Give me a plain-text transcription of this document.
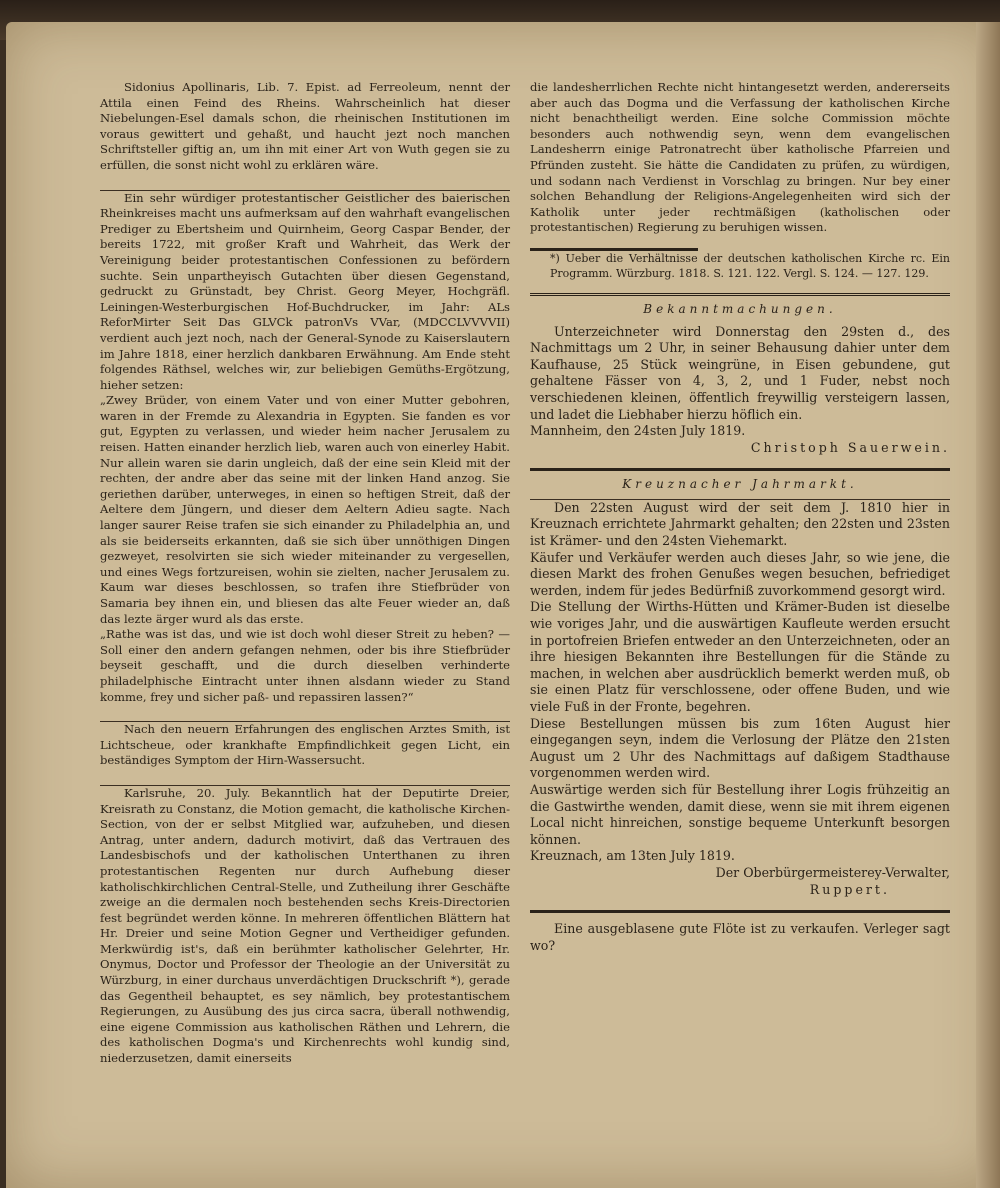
Sidonius Apollinaris, Lib. 7. Epist. ad Ferreoleum, nennt der Attila einen Feind des Rheins. Wahrscheinlich hat dieser Niebelungen-Esel damals schon, die rheinischen Institutionen im voraus gewittert und gehaßt, und haucht jezt noch manchen Schriftsteller giftig an, um ihn mit einer Art von Wuth gegen sie zu erfüllen, die sonst nicht wohl zu erklären wäre.

Ein sehr würdiger protestantischer Geistlicher des baierischen Rheinkreises macht uns aufmerksam auf den wahrhaft evangelischen Prediger zu Ebertsheim und Quirnheim, Georg Caspar Bender, der bereits 1722, mit großer Kraft und Wahrheit, das Werk der Vereinigung beider protestantischen Confessionen zu befördern suchte. Sein unpartheyisch Gutachten über diesen Gegenstand, gedruckt zu Grünstadt, bey Christ. Georg Meyer, Hochgräfl. Leiningen-Westerburgischen Hof-Buchdrucker, im Jahr: ALs ReforMirter Seit Das GLVCk patronVs VVar, (MDCCLVVVVII) verdient auch jezt noch, nach der General-Synode zu Kaiserslautern im Jahre 1818, einer herzlich dankbaren Erwähnung. Am Ende steht folgendes Räthsel, welches wir, zur beliebigen Gemüths-Ergötzung, hieher setzen:

„Zwey Brüder, von einem Vater und von einer Mutter gebohren, waren in der Fremde zu Alexandria in Egypten. Sie fanden es vor gut, Egypten zu verlassen, und wieder heim nacher Jerusalem zu reisen. Hatten einander herzlich lieb, waren auch von einerley Habit. Nur allein waren sie darin ungleich, daß der eine sein Kleid mit der rechten, der andre aber das seine mit der linken Hand anzog. Sie geriethen darüber, unterweges, in einen so heftigen Streit, daß der Aeltere dem Jüngern, und dieser dem Aeltern Adieu sagte. Nach langer saurer Reise trafen sie sich einander zu Philadelphia an, und als sie beiderseits erkannten, daß sie sich über unnöthigen Dingen gezweyet, resolvirten sie sich wieder miteinander zu vergesellen, und eines Wegs fortzureisen, wohin sie zielten, nacher Jerusalem zu. Kaum war dieses beschlossen, so trafen ihre Stiefbrüder von Samaria bey ihnen ein, und bliesen das alte Feuer wieder an, daß das lezte ärger wurd als das erste.

„Rathe was ist das, und wie ist doch wohl dieser Streit zu heben? — Soll einer den andern gefangen nehmen, oder bis ihre Stiefbrüder beyseit geschafft, und die durch dieselben verhinderte philadelphische Eintracht unter ihnen alsdann wieder zu Stand komme, frey und sicher paß- und repassiren lassen?“

Nach den neuern Erfahrungen des englischen Arztes Smith, ist Lichtscheue, oder krankhafte Empfindlichkeit gegen Licht, ein beständiges Symptom der Hirn-Wassersucht.

Karlsruhe, 20. July. Bekanntlich hat der Deputirte Dreier, Kreisrath zu Constanz, die Motion gemacht, die katholische Kirchen-Section, von der er selbst Mitglied war, aufzuheben, und diesen Antrag, unter andern, dadurch motivirt, daß das Vertrauen des Landesbischofs und der katholischen Unterthanen zu ihren protestantischen Regenten nur durch Aufhebung dieser katholischkirchlichen Central-Stelle, und Zutheilung ihrer Geschäfte zweige an die dermalen noch bestehenden sechs Kreis-Directorien fest begründet werden könne. In mehreren öffentlichen Blättern hat Hr. Dreier und seine Motion Gegner und Vertheidiger gefunden. Merkwürdig ist's, daß ein berühmter katholischer Gelehrter, Hr. Onymus, Doctor und Professor der Theologie an der Universität zu Würzburg, in einer durchaus unverdächtigen Druckschrift *), gerade das Gegentheil behauptet, es sey nämlich, bey protestantischem Regierungen, zu Ausübung des jus circa sacra, überall nothwendig, eine eigene Commission aus katholischen Räthen und Lehrern, die des katholischen Dogma's und Kirchenrechts wohl kundig sind, niederzusetzen, damit einerseits

die landesherrlichen Rechte nicht hintangesetzt werden, andererseits aber auch das Dogma und die Verfassung der katholischen Kirche nicht benachtheiligt werden. Eine solche Commission möchte besonders auch nothwendig seyn, wenn dem evangelischen Landesherrn einige Patronatrecht über katholische Pfarreien und Pfründen zusteht. Sie hätte die Candidaten zu prüfen, zu würdigen, und sodann nach Verdienst in Vorschlag zu bringen. Nur bey einer solchen Behandlung der Religions-Angelegenheiten wird sich der Katholik unter jeder rechtmäßigen (katholischen oder protestantischen) Regierung zu beruhigen wissen.

*) Ueber die Verhältnisse der deutschen katholischen Kirche rc. Ein Programm. Würzburg. 1818. S. 121. 122. Vergl. S. 124. — 127. 129.

Bekanntmachungen.

Unterzeichneter wird Donnerstag den 29sten d., des Nachmittags um 2 Uhr, in seiner Behausung dahier unter dem Kaufhause, 25 Stück weingrüne, in Eisen gebundene, gut gehaltene Fässer von 4, 3, 2, und 1 Fuder, nebst noch verschiedenen kleinen, öffentlich freywillig versteigern lassen, und ladet die Liebhaber hierzu höflich ein.

Mannheim, den 24sten July 1819.

Christoph Sauerwein.

Kreuznacher Jahrmarkt.

Den 22sten August wird der seit dem J. 1810 hier in Kreuznach errichtete Jahrmarkt gehalten; den 22sten und 23sten ist Krämer- und den 24sten Viehemarkt.

Käufer und Verkäufer werden auch dieses Jahr, so wie jene, die diesen Markt des frohen Genußes wegen besuchen, befriediget werden, indem für jedes Bedürfniß zuvorkommend gesorgt wird.

Die Stellung der Wirths-Hütten und Krämer-Buden ist dieselbe wie voriges Jahr, und die auswärtigen Kaufleute werden ersucht in portofreien Briefen entweder an den Unterzeichneten, oder an ihre hiesigen Bekannten ihre Bestellungen für die Stände zu machen, in welchen aber ausdrücklich bemerkt werden muß, ob sie einen Platz für verschlossene, oder offene Buden, und wie viele Fuß in der Fronte, begehren.

Diese Bestellungen müssen bis zum 16ten August hier eingegangen seyn, indem die Verlosung der Plätze den 21sten August um 2 Uhr des Nachmittags auf daßigem Stadthause vorgenommen werden wird.

Auswärtige werden sich für Bestellung ihrer Logis frühzeitig an die Gastwirthe wenden, damit diese, wenn sie mit ihrem eigenen Local nicht hinreichen, sonstige bequeme Unterkunft besorgen können.

Kreuznach, am 13ten July 1819.

Der Oberbürgermeisterey-Verwalter,

Ruppert.

Eine ausgeblasene gute Flöte ist zu verkaufen. Verleger sagt wo?
